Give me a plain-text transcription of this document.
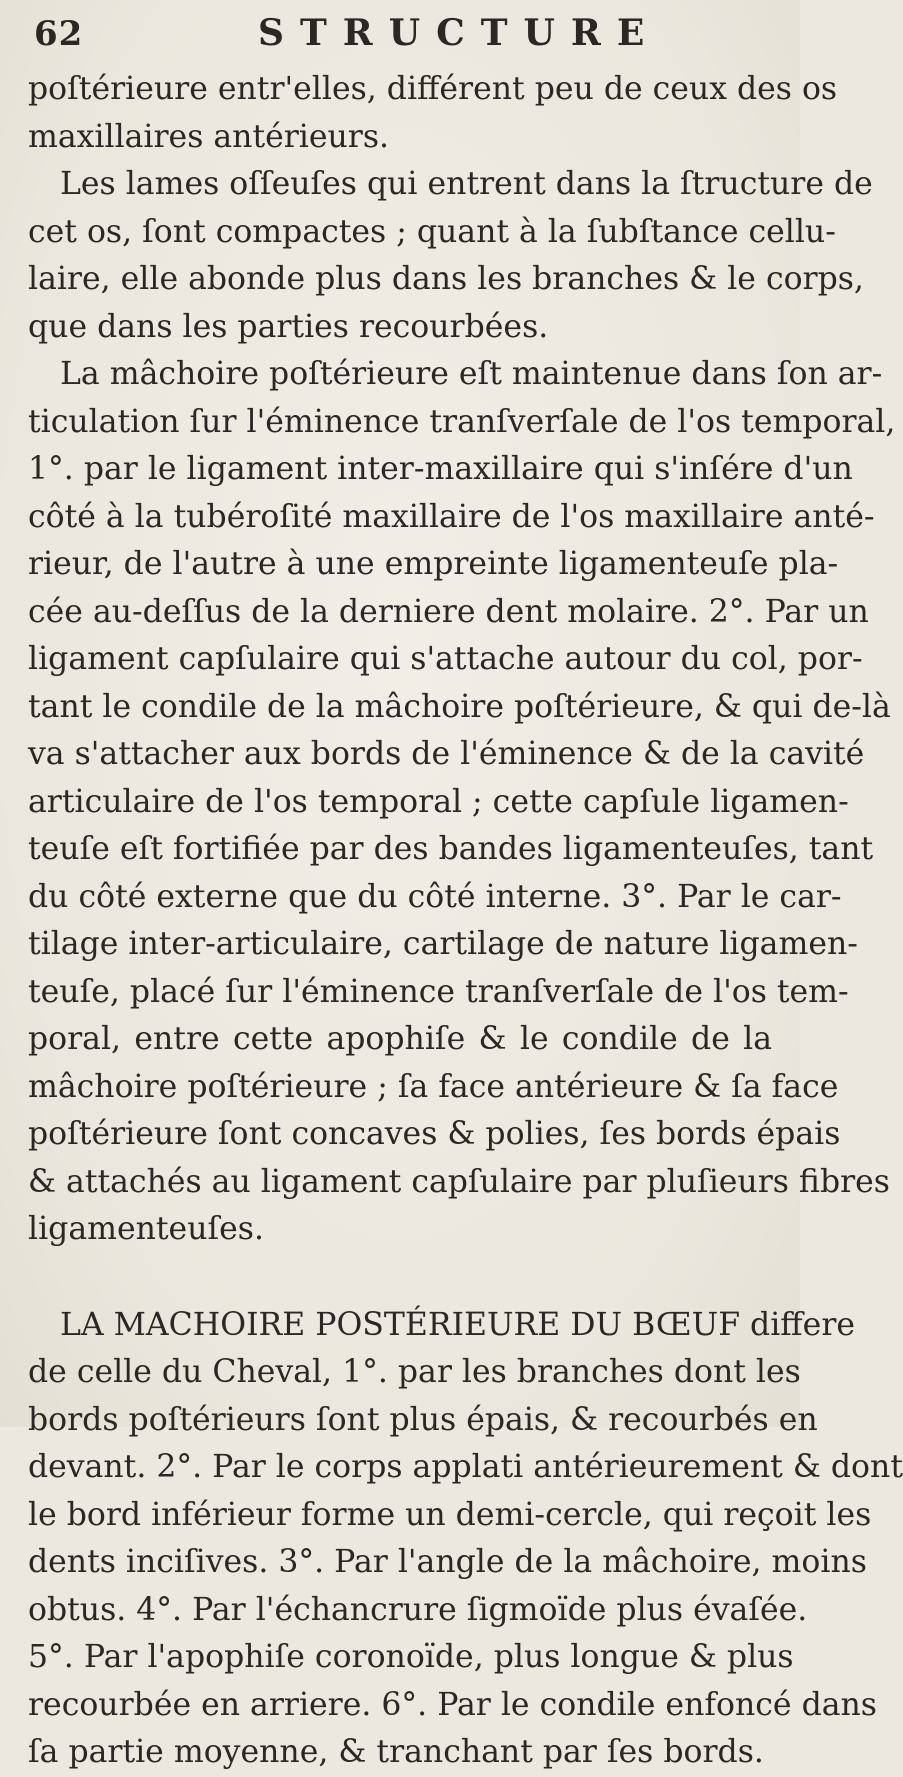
62	STRUCTURE
poſtérieure entr'elles, différent peu de ceux des os
maxillaires antérieurs.
Les lames oſſeuſes qui entrent dans la ſtructure de
cet os, ſont compactes ; quant à la ſubſtance cellu-
laire, elle abonde plus dans les branches & le corps,
que dans les parties recourbées.
La mâchoire poſtérieure eſt maintenue dans ſon ar-
ticulation ſur l'éminence tranſverſale de l'os temporal,
1°. par le ligament inter-maxillaire qui s'inſére d'un
côté à la tubéroſité maxillaire de l'os maxillaire anté-
rieur, de l'autre à une empreinte ligamenteuſe pla-
cée au-deſſus de la derniere dent molaire. 2°. Par un
ligament capſulaire qui s'attache autour du col, por-
tant le condile de la mâchoire poſtérieure, & qui de-là
va s'attacher aux bords de l'éminence & de la cavité
articulaire de l'os temporal ; cette capſule ligamen-
teuſe eſt fortifiée par des bandes ligamenteuſes, tant
du côté externe que du côté interne. 3°. Par le car-
tilage inter-articulaire, cartilage de nature ligamen-
teuſe, placé ſur l'éminence tranſverſale de l'os tem-
poral, entre cette apophiſe & le condile de la
mâchoire poſtérieure ; ſa face antérieure & ſa face
poſtérieure ſont concaves & polies, ſes bords épais
& attachés au ligament capſulaire par pluſieurs fibres
ligamenteuſes.
LA MACHOIRE POSTÉRIEURE DU BŒUF differe
de celle du Cheval, 1°. par les branches dont les
bords poſtérieurs ſont plus épais, & recourbés en
devant. 2°. Par le corps applati antérieurement & dont
le bord inférieur forme un demi-cercle, qui reçoit les
dents inciſives. 3°. Par l'angle de la mâchoire, moins
obtus. 4°. Par l'échancrure ſigmoïde plus évaſée.
5°. Par l'apophiſe coronoïde, plus longue & plus
recourbée en arriere. 6°. Par le condile enfoncé dans
ſa partie moyenne, & tranchant par ſes bords.
